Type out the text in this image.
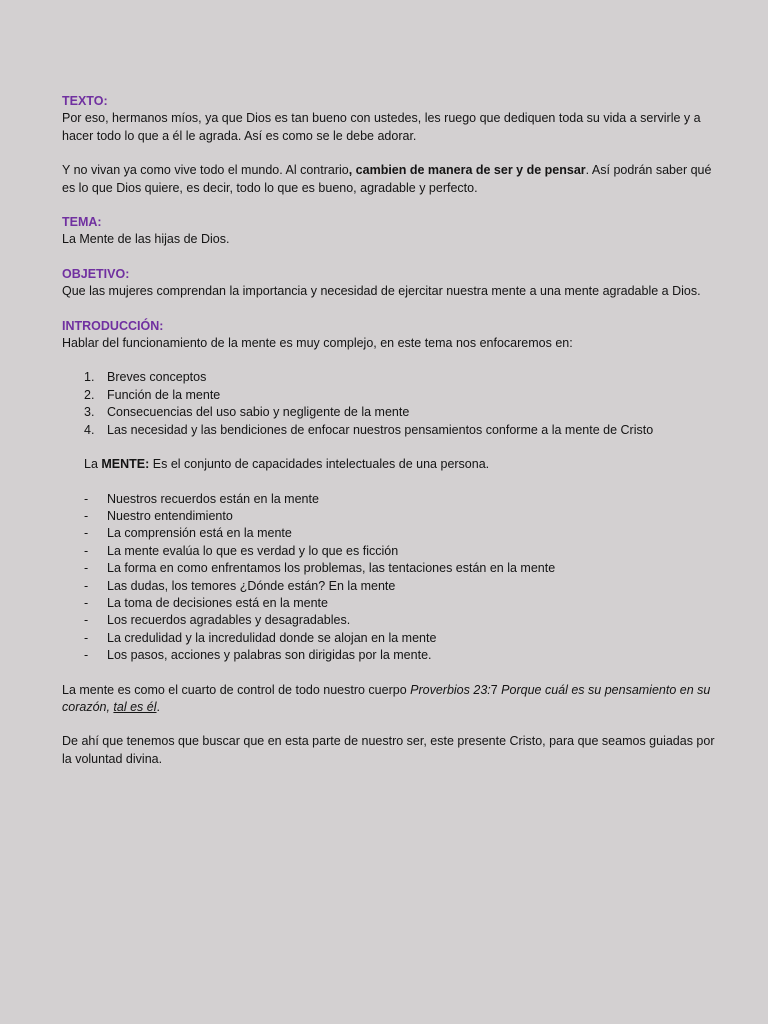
TEXTO:

Por eso, hermanos míos, ya que Dios es tan bueno con ustedes, les ruego que dediquen toda su vida a servirle y a hacer todo lo que a él le agrada. Así es como se le debe adorar.

Y no vivan ya como vive todo el mundo. Al contrario, cambien de manera de ser y de pensar. Así podrán saber qué es lo que Dios quiere, es decir, todo lo que es bueno, agradable y perfecto.

TEMA:

La Mente de las hijas de Dios.

OBJETIVO:

Que las mujeres comprendan la importancia y necesidad de ejercitar nuestra mente a una mente agradable a Dios.

INTRODUCCIÓN:

Hablar del funcionamiento de la mente es muy complejo, en este tema nos enfocaremos en:

1. Breves conceptos
2. Función de la mente
3. Consecuencias del uso sabio y negligente de la mente
4. Las necesidad y las bendiciones de enfocar nuestros pensamientos conforme a la mente de Cristo

La MENTE: Es el conjunto de capacidades intelectuales de una persona.

- Nuestros recuerdos están en la mente
- Nuestro entendimiento
- La comprensión está en la mente
- La mente evalúa lo que es verdad y lo que es ficción
- La forma en como enfrentamos los problemas, las tentaciones están en la mente
- Las dudas, los temores ¿Dónde están? En la mente
- La toma de decisiones está en la mente
- Los recuerdos agradables y desagradables.
- La credulidad y la incredulidad donde se alojan en la mente
- Los pasos, acciones y palabras son dirigidas por la mente.

La mente es como el cuarto de control de todo nuestro cuerpo Proverbios 23:7 Porque cuál es su pensamiento en su corazón, tal es él.

De ahí que tenemos que buscar que en esta parte de nuestro ser, este presente Cristo, para que seamos guiadas por la voluntad divina.
